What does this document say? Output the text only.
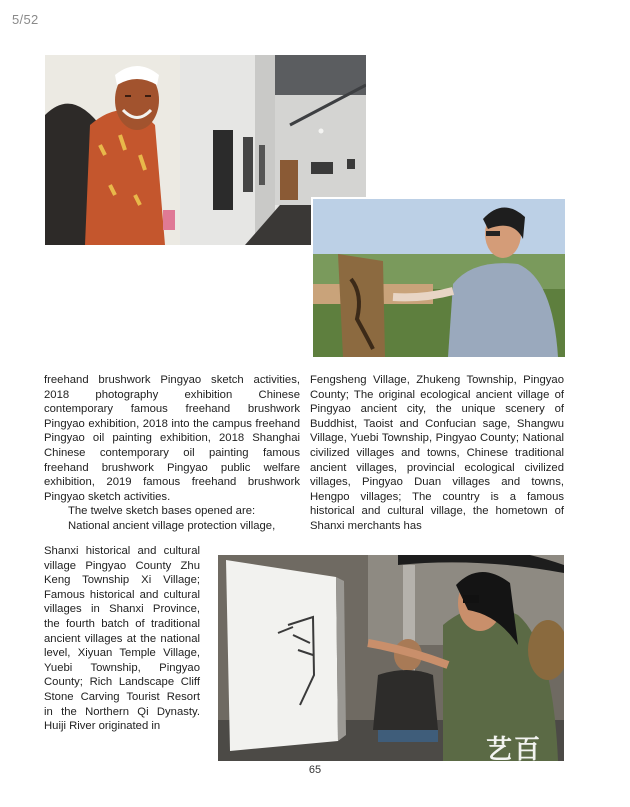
5/52

freehand brushwork Pingyao sketch activities, 2018 photography exhibition Chinese contemporary famous freehand brushwork Pingyao exhibition, 2018 into the campus freehand Pingyao oil painting exhibition, 2018 Shanghai Chinese contemporary oil painting famous freehand brushwork Pingyao public welfare exhibition, 2019 famous freehand brushwork Pingyao sketch activities.

The twelve sketch bases opened are:

National ancient village protection village,

Shanxi historical and cultural village Pingyao County Zhu Keng Township Xi Village; Famous historical and cultural villages in Shanxi Province, the fourth batch of traditional ancient villages at the national level, Xiyuan Temple Village, Yuebi Township, Pingyao County; Rich Landscape Cliff Stone Carving Tourist Resort in the Northern Qi Dynasty. Huiji River originated in

Fengsheng Village, Zhukeng Township, Pingyao County; The original ecological ancient village of Pingyao ancient city, the unique scenery of Buddhist, Taoist and Confucian sage, Shangwu Village, Yuebi Township, Pingyao County; National civilized villages and towns, Chinese traditional ancient villages, provincial ecological civilized villages, Pingyao Duan villages and towns, Hengpo villages; The country is a famous historical and cultural village, the hometown of Shanxi merchants has

艺百
65
